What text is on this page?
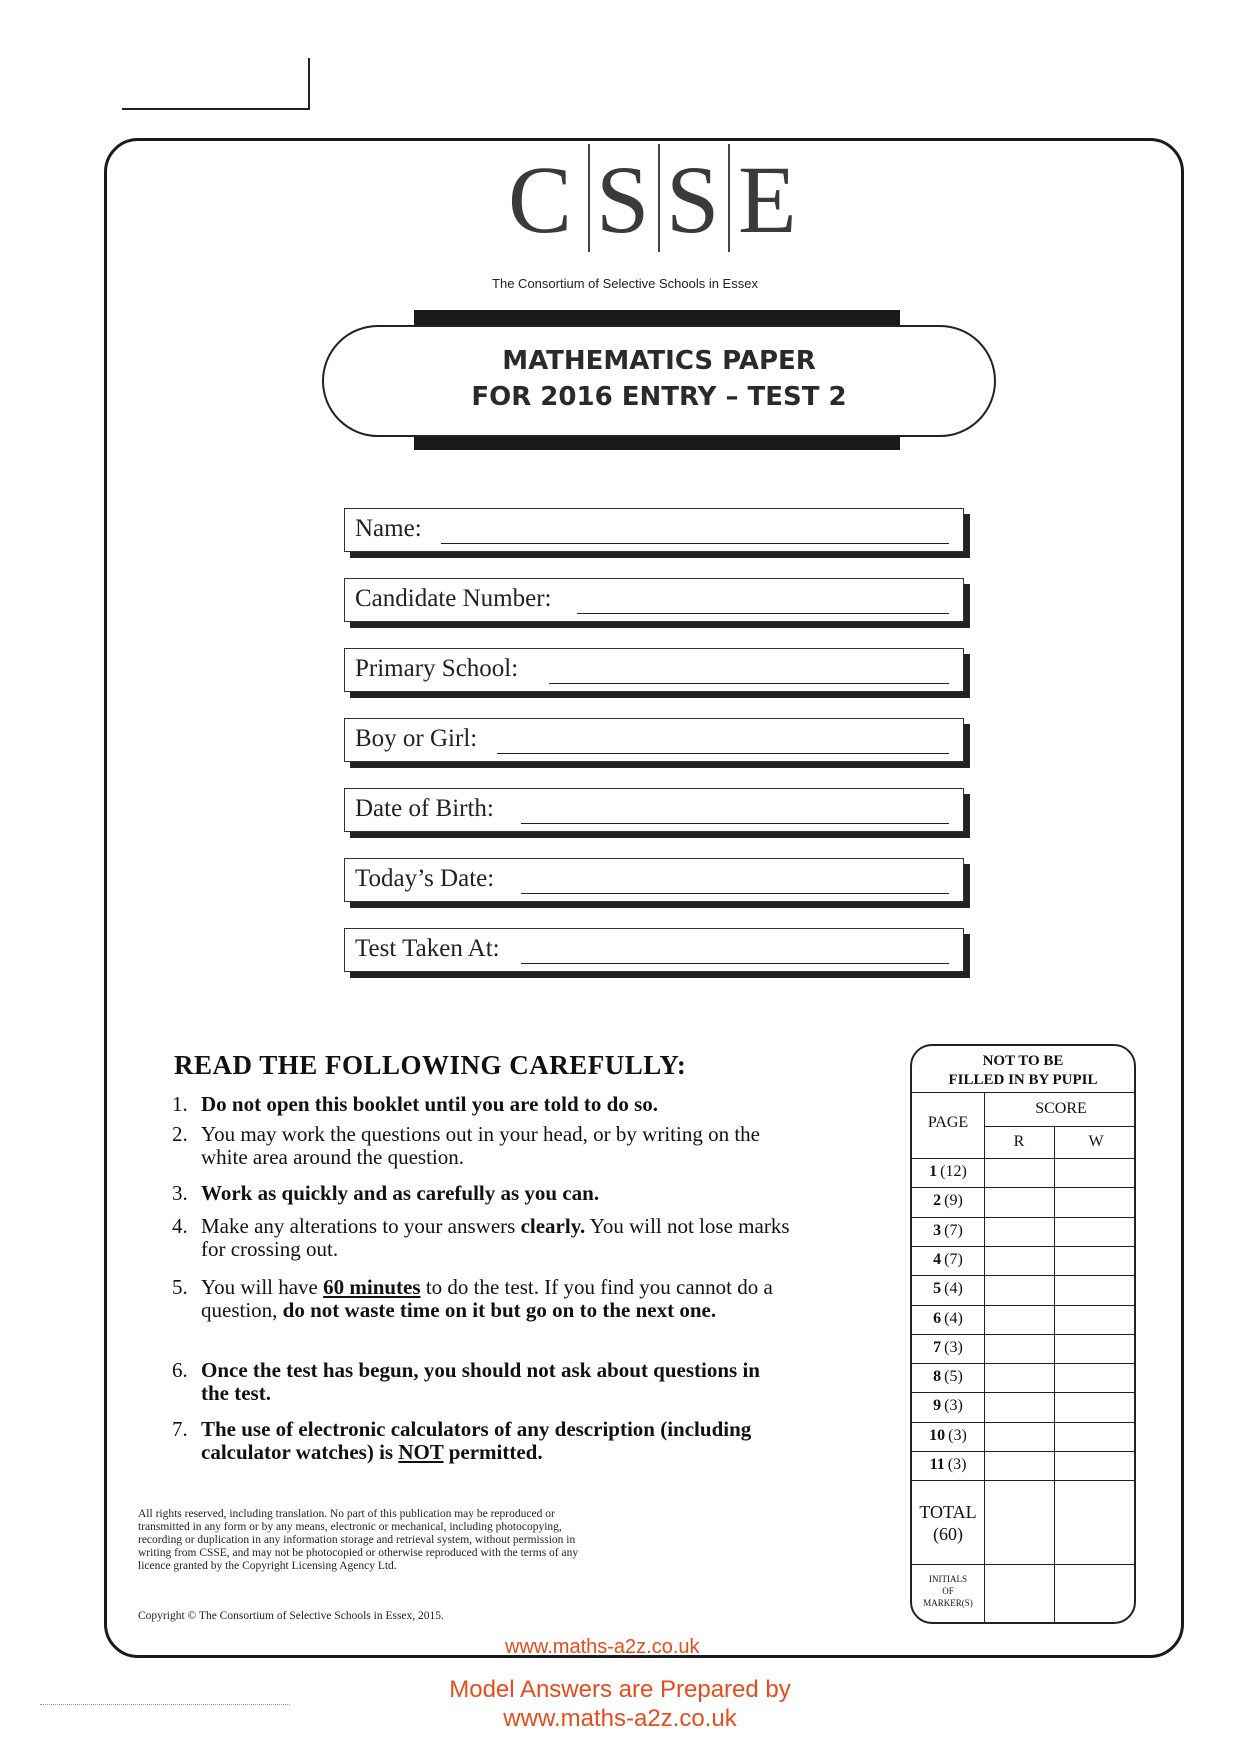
C S S E
The Consortium of Selective Schools in Essex
MATHEMATICS PAPER
FOR 2016 ENTRY – TEST 2
Name:
Candidate Number:
Primary School:
Boy or Girl:
Date of Birth:
Today’s Date:
Test Taken At:
READ THE FOLLOWING CAREFULLY:
1. Do not open this booklet until you are told to do so.
2. You may work the questions out in your head, or by writing on the white area around the question.
3. Work as quickly and as carefully as you can.
4. Make any alterations to your answers clearly. You will not lose marks for crossing out.
5. You will have 60 minutes to do the test. If you find you cannot do a question, do not waste time on it but go on to the next one.
6. Once the test has begun, you should not ask about questions in the test.
7. The use of electronic calculators of any description (including calculator watches) is NOT permitted.
NOT TO BE
FILLED IN BY PUPIL
PAGE
SCORE
R	W
1 (12)
2 (9)
3 (7)
4 (7)
5 (4)
6 (4)
7 (3)
8 (5)
9 (3)
10 (3)
11 (3)
TOTAL
(60)
INITIALS
OF
MARKER(S)
All rights reserved, including translation. No part of this publication may be reproduced or transmitted in any form or by any means, electronic or mechanical, including photocopying, recording or duplication in any information storage and retrieval system, without permission in writing from CSSE, and may not be photocopied or otherwise reproduced with the terms of any licence granted by the Copyright Licensing Agency Ltd.
Copyright © The Consortium of Selective Schools in Essex, 2015.
www.maths-a2z.co.uk
Model Answers are Prepared by
www.maths-a2z.co.uk
